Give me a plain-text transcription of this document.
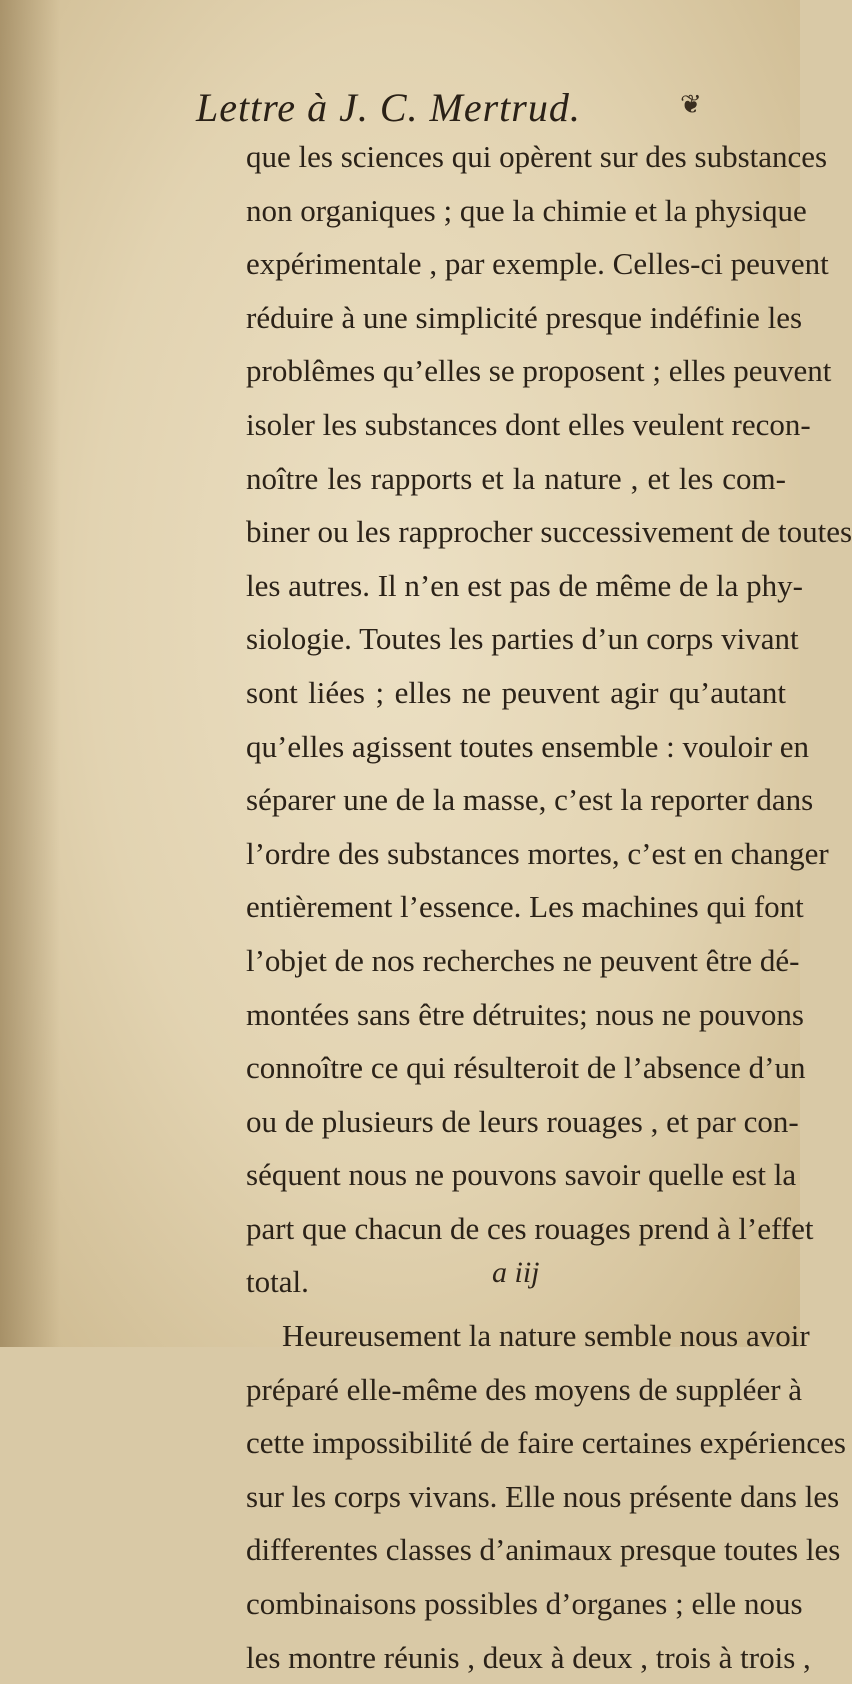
Lettre à J. C. Mertrud.	❦
que les sciences qui opèrent sur des substances
non organiques ; que la chimie et la physique
expérimentale , par exemple. Celles-ci peuvent
réduire à une simplicité presque indéfinie les
problêmes qu’elles se proposent ; elles peuvent
isoler les substances dont elles veulent recon-
noître les rapports et la nature , et les com-
biner ou les rapprocher successivement de toutes
les autres. Il n’en est pas de même de la phy-
siologie. Toutes les parties d’un corps vivant
sont liées ; elles ne peuvent agir qu’autant
qu’elles agissent toutes ensemble : vouloir en
séparer une de la masse, c’est la reporter dans
l’ordre des substances mortes, c’est en changer
entièrement l’essence. Les machines qui font
l’objet de nos recherches ne peuvent être dé-
montées sans être détruites; nous ne pouvons
connoître ce qui résulteroit de l’absence d’un
ou de plusieurs de leurs rouages , et par con-
séquent nous ne pouvons savoir quelle est la
part que chacun de ces rouages prend à l’effet
total.
Heureusement la nature semble nous avoir
préparé elle-même des moyens de suppléer à
cette impossibilité de faire certaines expériences
sur les corps vivans. Elle nous présente dans les
differentes classes d’animaux presque toutes les
combinaisons possibles d’organes ; elle nous
les montre réunis , deux à deux , trois à trois ,
a iij
